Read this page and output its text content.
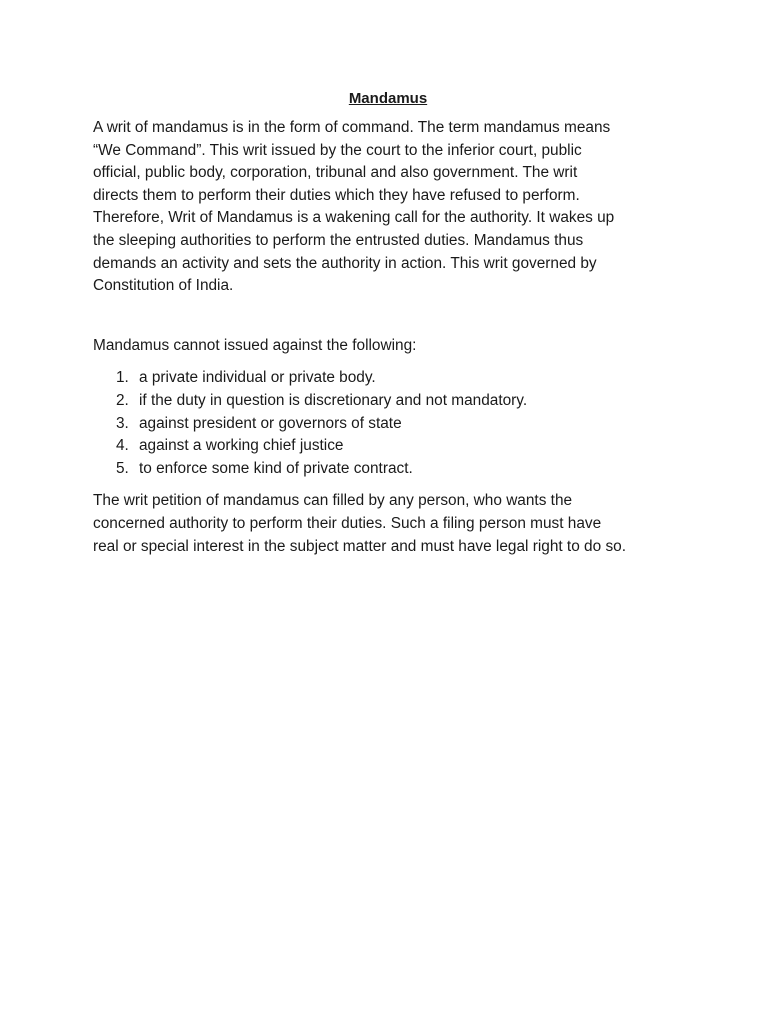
Mandamus

A writ of mandamus is in the form of command. The term mandamus means
“We Command”. This writ issued by the court to the inferior court, public
official, public body, corporation, tribunal and also government. The writ
directs them to perform their duties which they have refused to perform.
Therefore, Writ of Mandamus is a wakening call for the authority. It wakes up
the sleeping authorities to perform the entrusted duties. Mandamus thus
demands an activity and sets the authority in action. This writ governed by
Constitution of India.

Mandamus cannot issued against the following:

1. a private individual or private body.
2. if the duty in question is discretionary and not mandatory.
3. against president or governors of state
4. against a working chief justice
5. to enforce some kind of private contract.

The writ petition of mandamus can filled by any person, who wants the
concerned authority to perform their duties. Such a filing person must have
real or special interest in the subject matter and must have legal right to do so.
